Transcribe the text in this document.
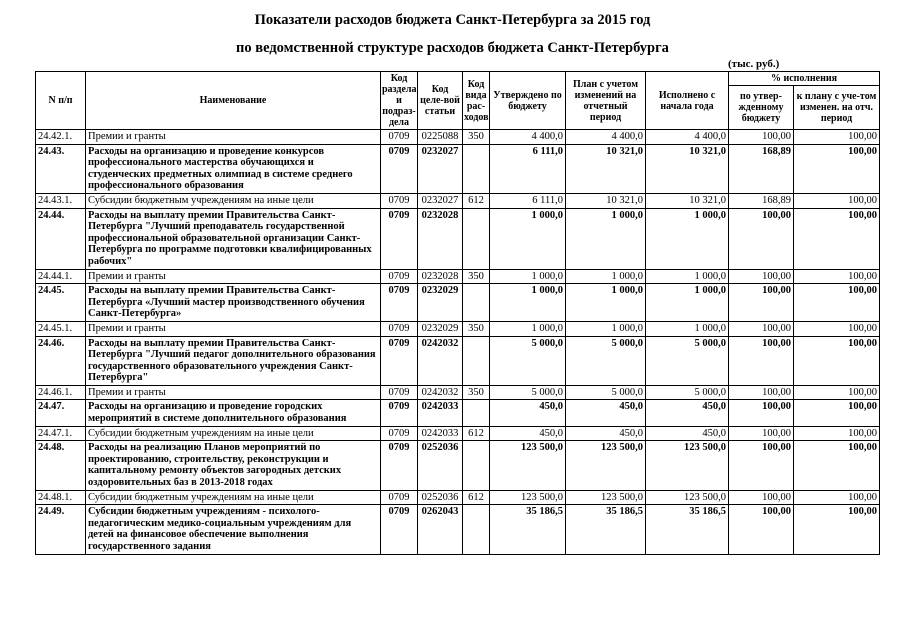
Показатели расходов бюджета Санкт-Петербурга за 2015 год
по ведомственной структуре расходов бюджета Санкт-Петербурга
(тыс. руб.)
N п/п	Наименование	Код раздела и подраз-дела	Код целе-вой статьи	Код вида рас-ходов	Утверждено по бюджету	План с учетом изменений на отчетный период	Исполнено с начала года	% исполнения	
								по утвер-жденному бюджету	к плану с уче-том изменен. на отч. период
24.42.1.	Премии и гранты	0709	0225088	350	4 400,0	4 400,0	4 400,0	100,00	100,00
24.43.	Расходы на организацию и проведение конкурсов профессионального мастерства обучающихся и студенческих предметных олимпиад в системе среднего профессионального образования	0709	0232027		6 111,0	10 321,0	10 321,0	168,89	100,00
24.43.1.	Субсидии бюджетным учреждениям на иные цели	0709	0232027	612	6 111,0	10 321,0	10 321,0	168,89	100,00
24.44.	Расходы на выплату премии Правительства Санкт-Петербурга "Лучший преподаватель государственной профессиональной образовательной организации Санкт-Петербурга по программе подготовки квалифицированных рабочих"	0709	0232028		1 000,0	1 000,0	1 000,0	100,00	100,00
24.44.1.	Премии и гранты	0709	0232028	350	1 000,0	1 000,0	1 000,0	100,00	100,00
24.45.	Расходы на выплату премии Правительства Санкт-Петербурга «Лучший мастер производственного обучения Санкт-Петербурга»	0709	0232029		1 000,0	1 000,0	1 000,0	100,00	100,00
24.45.1.	Премии и гранты	0709	0232029	350	1 000,0	1 000,0	1 000,0	100,00	100,00
24.46.	Расходы на выплату премии Правительства Санкт-Петербурга "Лучший педагог дополнительного образования государственного образовательного учреждения Санкт-Петербурга"	0709	0242032		5 000,0	5 000,0	5 000,0	100,00	100,00
24.46.1.	Премии и гранты	0709	0242032	350	5 000,0	5 000,0	5 000,0	100,00	100,00
24.47.	Расходы на организацию и проведение городских мероприятий в системе дополнительного образования	0709	0242033		450,0	450,0	450,0	100,00	100,00
24.47.1.	Субсидии бюджетным учреждениям на иные цели	0709	0242033	612	450,0	450,0	450,0	100,00	100,00
24.48.	Расходы на реализацию Планов мероприятий по проектированию, строительству, реконструкции и капитальному ремонту объектов загородных детских оздоровительных баз в 2013-2018 годах	0709	0252036		123 500,0	123 500,0	123 500,0	100,00	100,00
24.48.1.	Субсидии бюджетным учреждениям на иные цели	0709	0252036	612	123 500,0	123 500,0	123 500,0	100,00	100,00
24.49.	Субсидии бюджетным учреждениям - психолого-педагогическим медико-социальным учреждениям для детей на финансовое обеспечение выполнения государственного задания	0709	0262043		35 186,5	35 186,5	35 186,5	100,00	100,00
